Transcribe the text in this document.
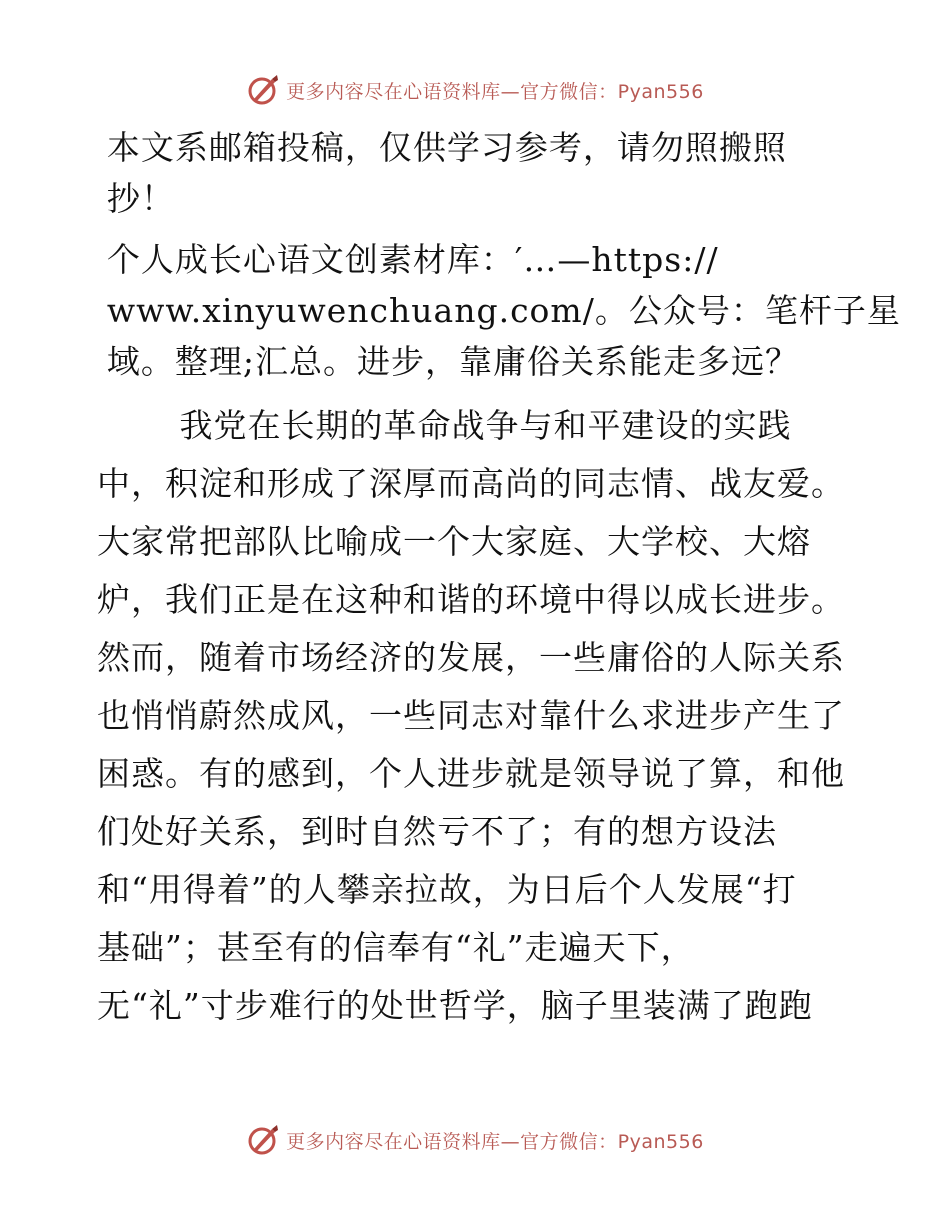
更多内容尽在心语资料库—官方微信：Pyan556

本文系邮箱投稿，仅供学习参考，请勿照搬照
抄！

个人成长心语文创素材库：′…—https://
www.xinyuwenchuang.com/。公众号：笔杆子星
域。整理;汇总。进步，靠庸俗关系能走多远？

我党在长期的革命战争与和平建设的实践
中，积淀和形成了深厚而高尚的同志情、战友爱。
大家常把部队比喻成一个大家庭、大学校、大熔
炉，我们正是在这种和谐的环境中得以成长进步。
然而，随着市场经济的发展，一些庸俗的人际关系
也悄悄蔚然成风，一些同志对靠什么求进步产生了
困惑。有的感到，个人进步就是领导说了算，和他
们处好关系，到时自然亏不了；有的想方设法
和“用得着”的人攀亲拉故，为日后个人发展“打
基础”；甚至有的信奉有“礼”走遍天下，
无“礼”寸步难行的处世哲学，脑子里装满了跑跑

更多内容尽在心语资料库—官方微信：Pyan556
